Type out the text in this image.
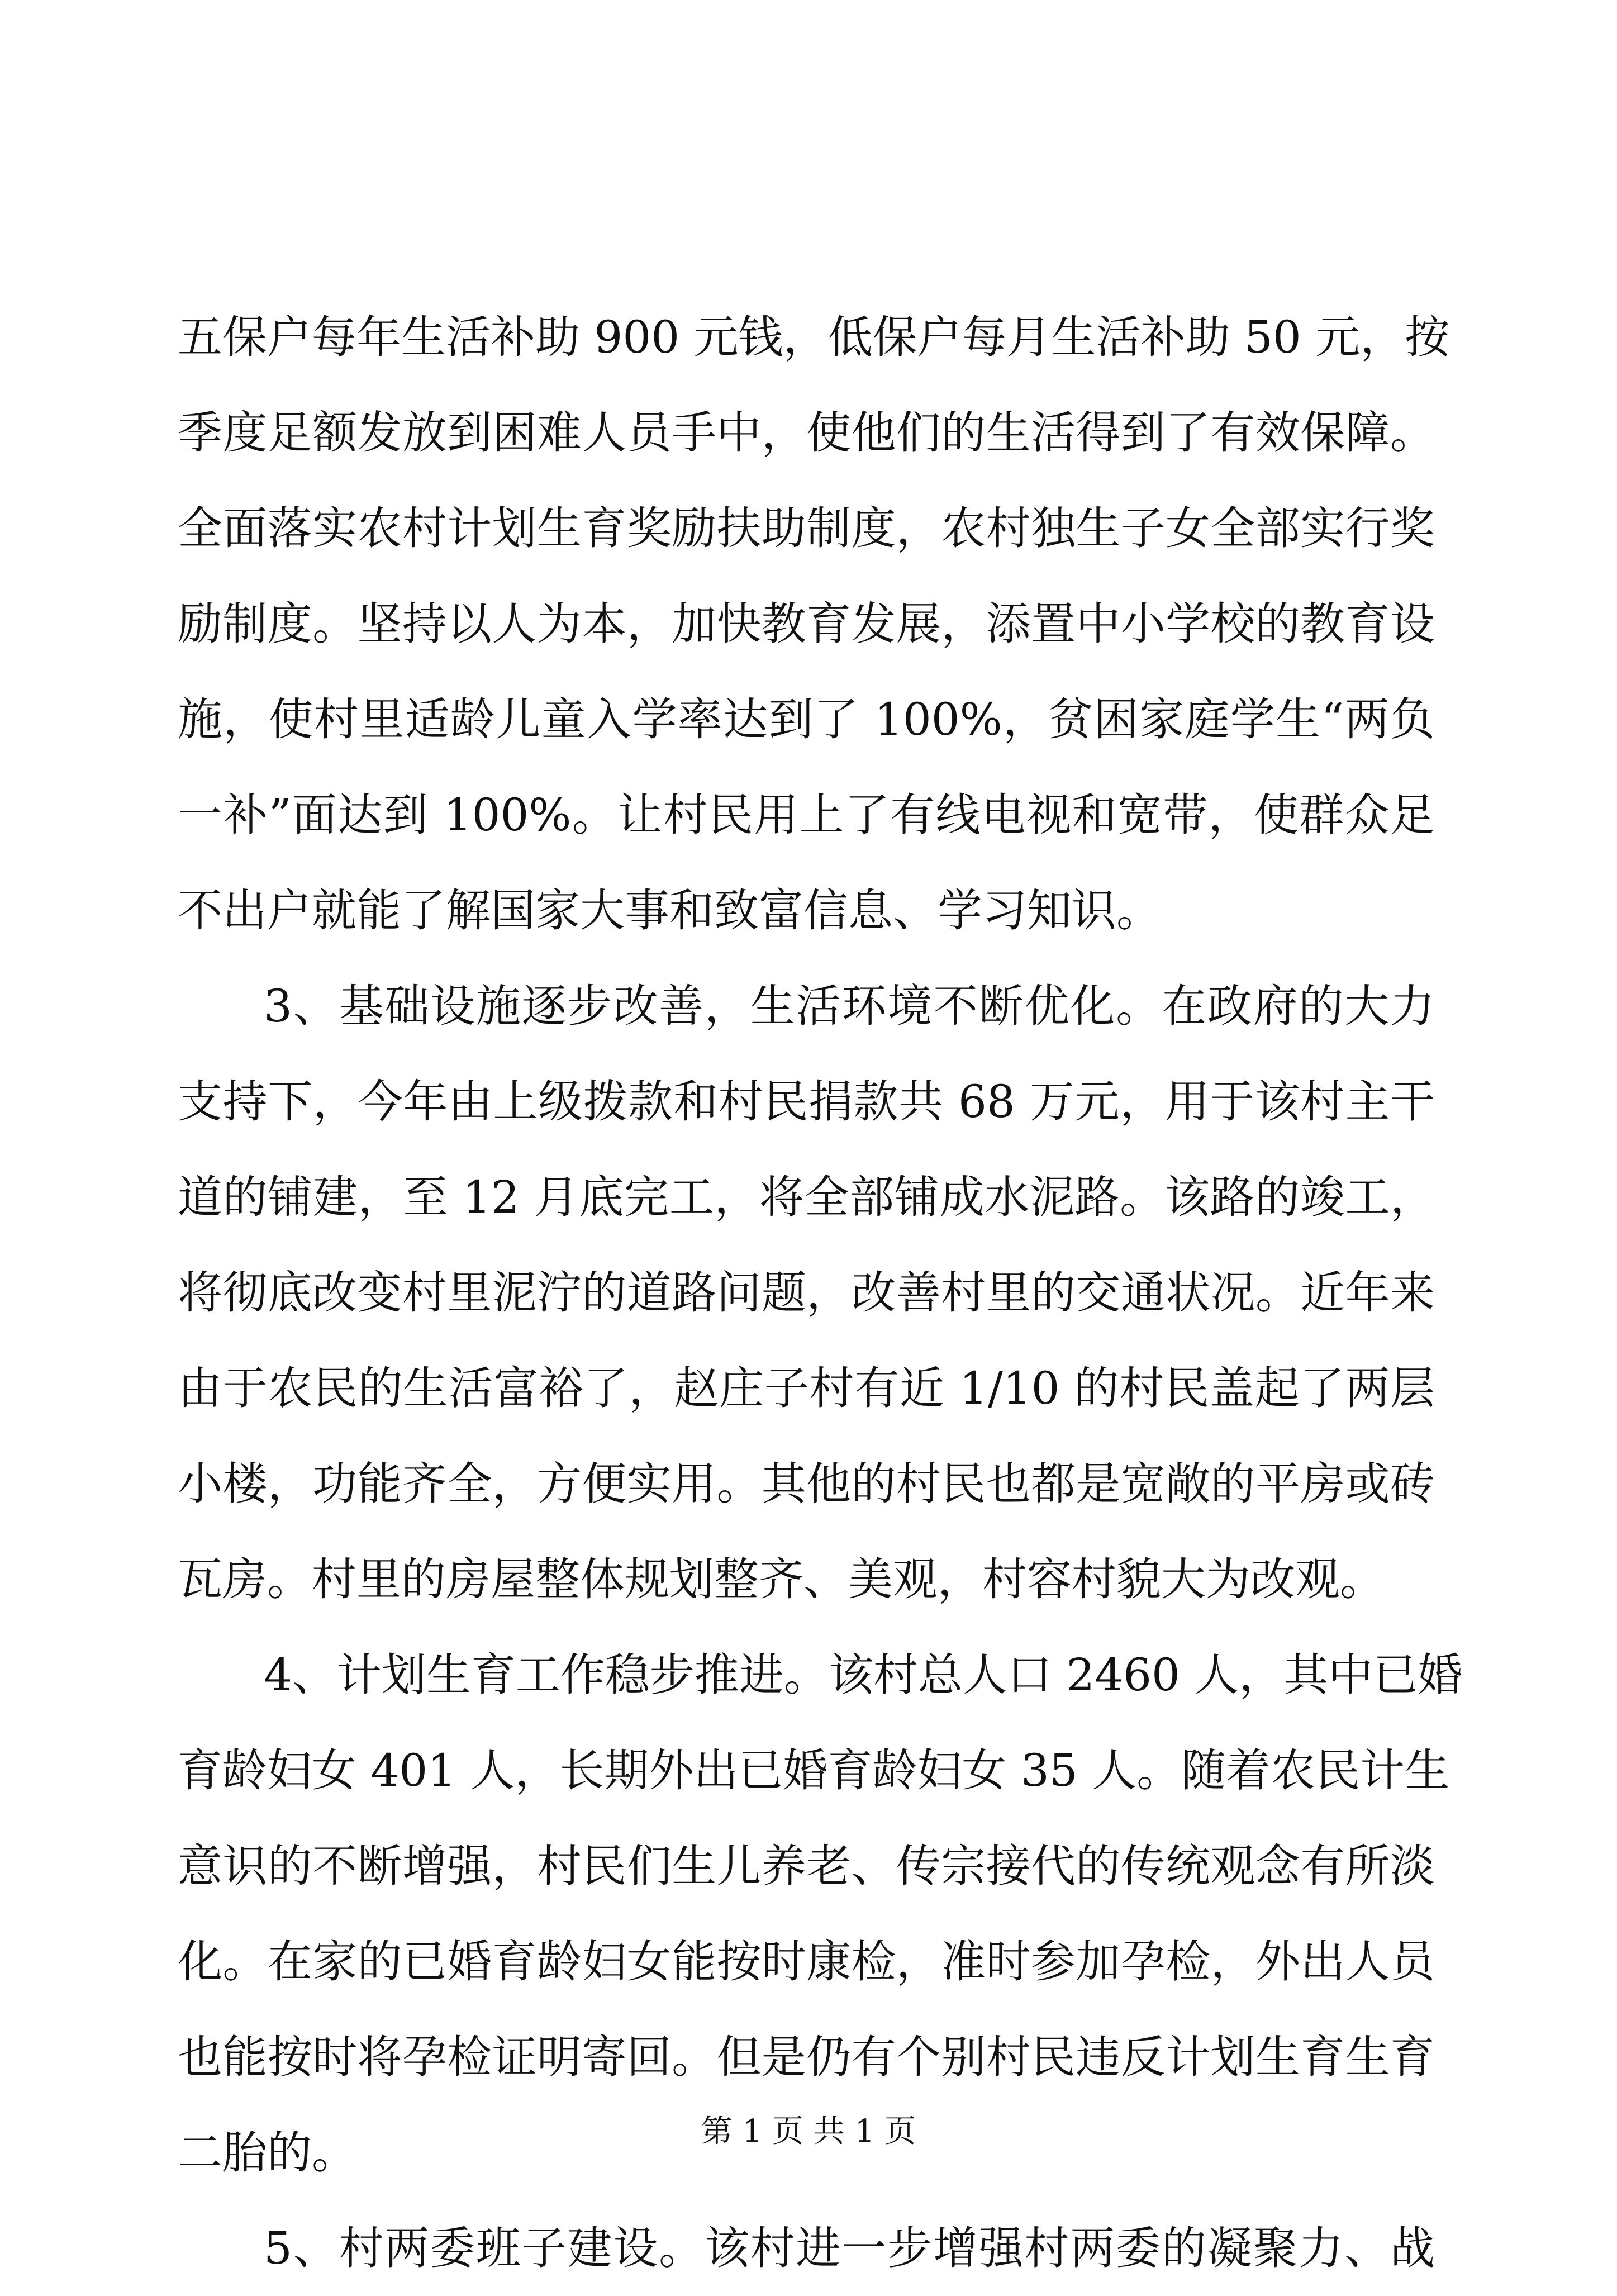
五保户每年生活补助 900 元钱，低保户每月生活补助 50 元，按
季度足额发放到困难人员手中，使他们的生活得到了有效保障。
全面落实农村计划生育奖励扶助制度，农村独生子女全部实行奖
励制度。坚持以人为本，加快教育发展，添置中小学校的教育设
施，使村里适龄儿童入学率达到了 100%，贫困家庭学生“两负
一补”面达到 100%。让村民用上了有线电视和宽带，使群众足
不出户就能了解国家大事和致富信息、学习知识。
3、基础设施逐步改善，生活环境不断优化。在政府的大力
支持下，今年由上级拨款和村民捐款共 68 万元，用于该村主干
道的铺建，至 12 月底完工，将全部铺成水泥路。该路的竣工，
将彻底改变村里泥泞的道路问题，改善村里的交通状况。近年来
由于农民的生活富裕了，赵庄子村有近 1/10 的村民盖起了两层
小楼，功能齐全，方便实用。其他的村民也都是宽敞的平房或砖
瓦房。村里的房屋整体规划整齐、美观，村容村貌大为改观。
4、计划生育工作稳步推进。该村总人口 2460 人，其中已婚
育龄妇女 401 人，长期外出已婚育龄妇女 35 人。随着农民计生
意识的不断增强，村民们生儿养老、传宗接代的传统观念有所淡
化。在家的已婚育龄妇女能按时康检，准时参加孕检，外出人员
也能按时将孕检证明寄回。但是仍有个别村民违反计划生育生育
二胎的。
5、村两委班子建设。该村进一步增强村两委的凝聚力、战
第 1 页 共 1 页
